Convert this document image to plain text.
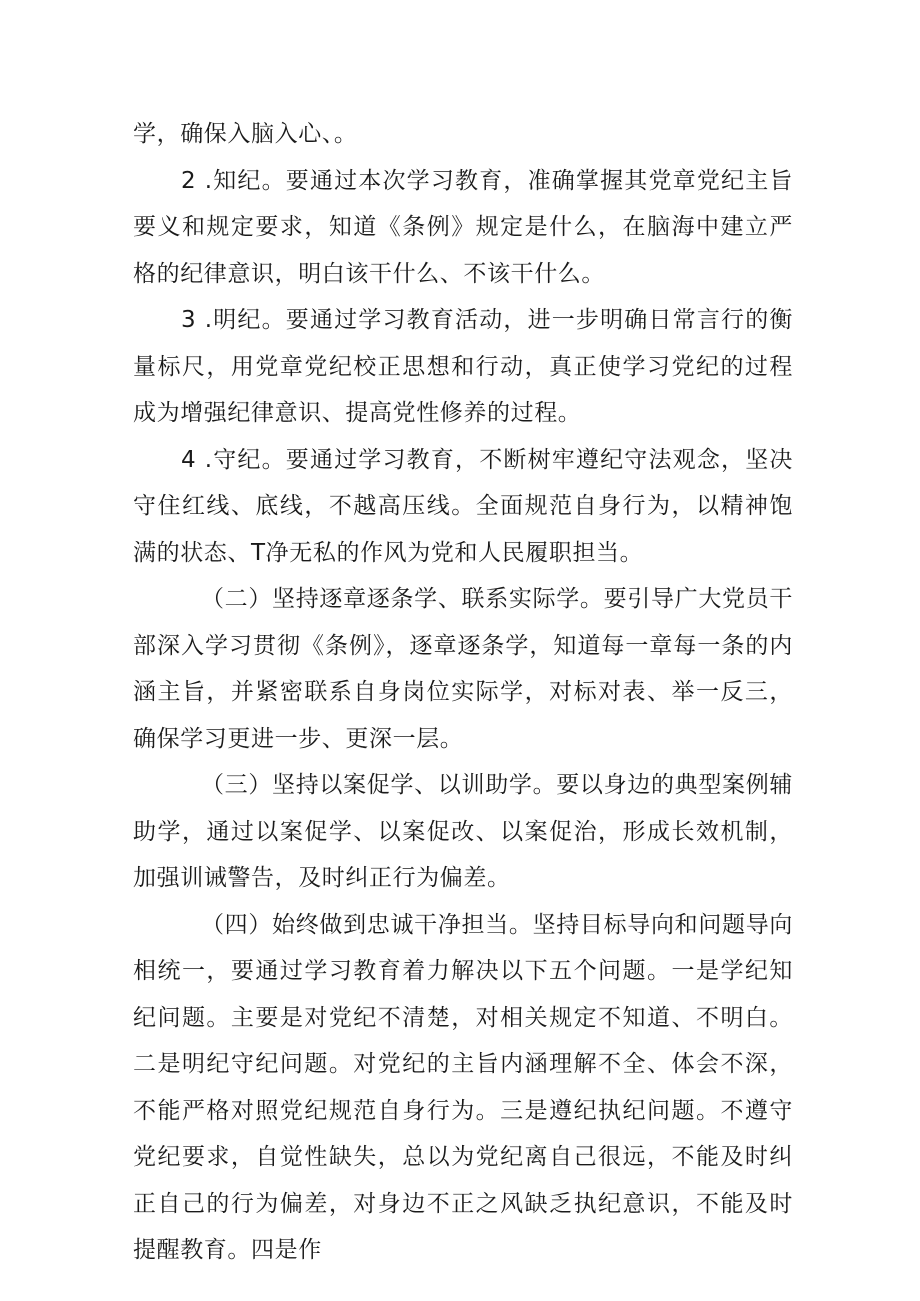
学，确保入脑入心、。

2 .知纪。要通过本次学习教育，准确掌握其党章党纪主旨要义和规定要求，知道《条例》规定是什么，在脑海中建立严格的纪律意识，明白该干什么、不该干什么。

3 .明纪。要通过学习教育活动，进一步明确日常言行的衡量标尺，用党章党纪校正思想和行动，真正使学习党纪的过程成为增强纪律意识、提高党性修养的过程。

4 .守纪。要通过学习教育，不断树牢遵纪守法观念，坚决守住红线、底线，不越高压线。全面规范自身行为，以精神饱满的状态、T净无私的作风为党和人民履职担当。

（二）坚持逐章逐条学、联系实际学。要引导广大党员干部深入学习贯彻《条例》，逐章逐条学，知道每一章每一条的内涵主旨，并紧密联系自身岗位实际学，对标对表、举一反三，确保学习更进一步、更深一层。

（三）坚持以案促学、以训助学。要以身边的典型案例辅助学，通过以案促学、以案促改、以案促治，形成长效机制，加强训诫警告，及时纠正行为偏差。

（四）始终做到忠诚干净担当。坚持目标导向和问题导向相统一，要通过学习教育着力解决以下五个问题。一是学纪知纪问题。主要是对党纪不清楚，对相关规定不知道、不明白。二是明纪守纪问题。对党纪的主旨内涵理解不全、体会不深，不能严格对照党纪规范自身行为。三是遵纪执纪问题。不遵守党纪要求，自觉性缺失，总以为党纪离自己很远，不能及时纠正自己的行为偏差，对身边不正之风缺乏执纪意识，不能及时提醒教育。四是作
